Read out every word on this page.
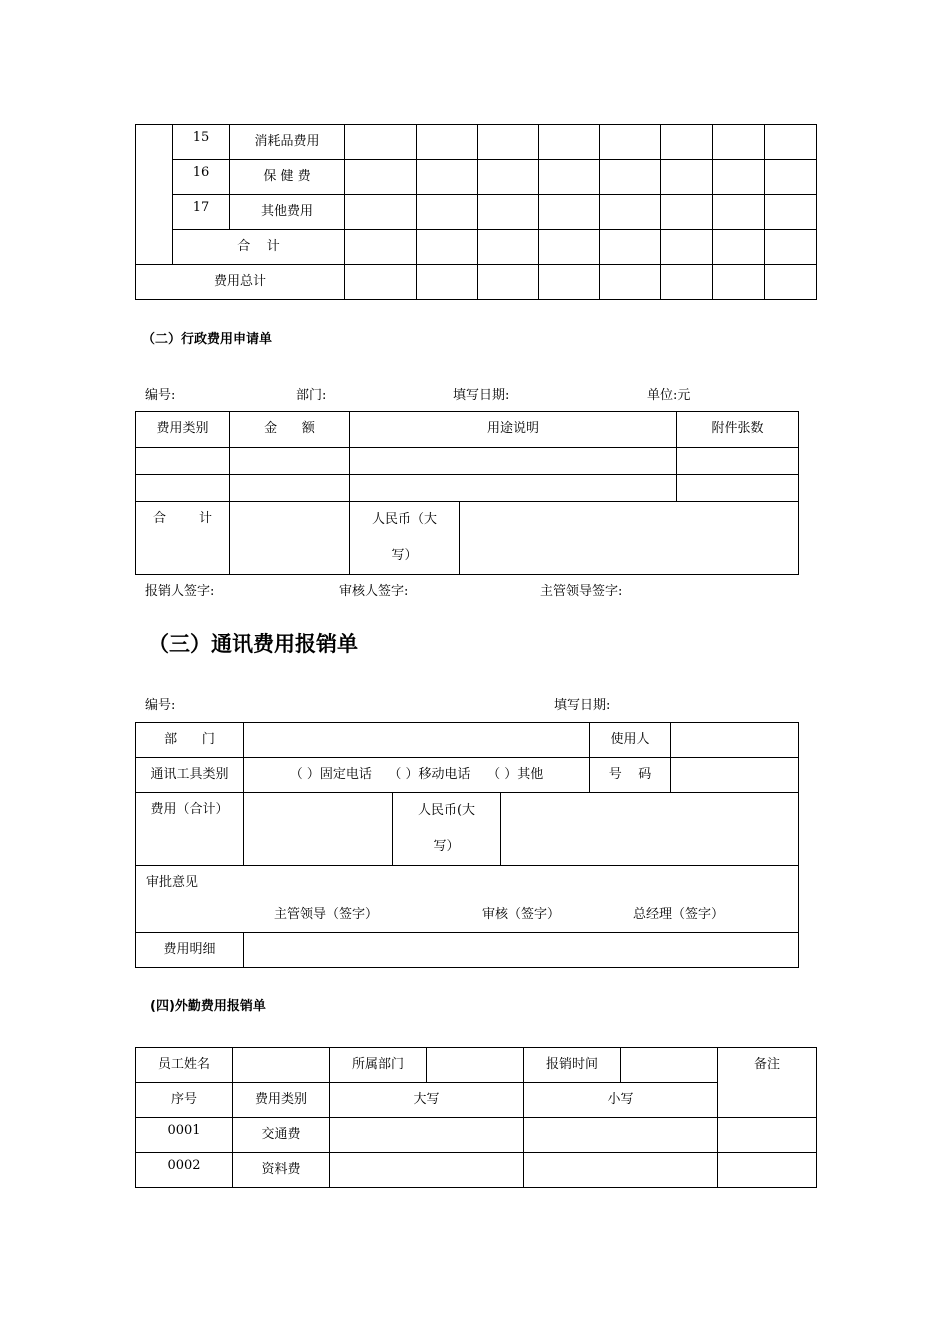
	15	消耗品费用								
	16	保 健 费								
	17	其他费用								
	合    计									
费用总计										
（二）行政费用申请单
编号:	部门:	填写日期:	单位:元
费用类别	金      额	用途说明		附件张数

合        计		人民币（大
写）		

报销人签字:	审核人签字:	主管领导签字:
（三）通讯费用报销单
编号:	填写日期:
部      门				使用人	
通讯工具类别	（ ）固定电话    （ ）移动电话    （ ）其他			号    码	
费用（合计）		人民币(大
写）			

审批意见
主管领导（签字） 审核（签字） 总经理（签字）					

费用明细					
(四)外勤费用报销单
员工姓名		所属部门		报销时间		备注
序号	费用类别	大写		小写		
0001	交通费					
0002	资料费					
